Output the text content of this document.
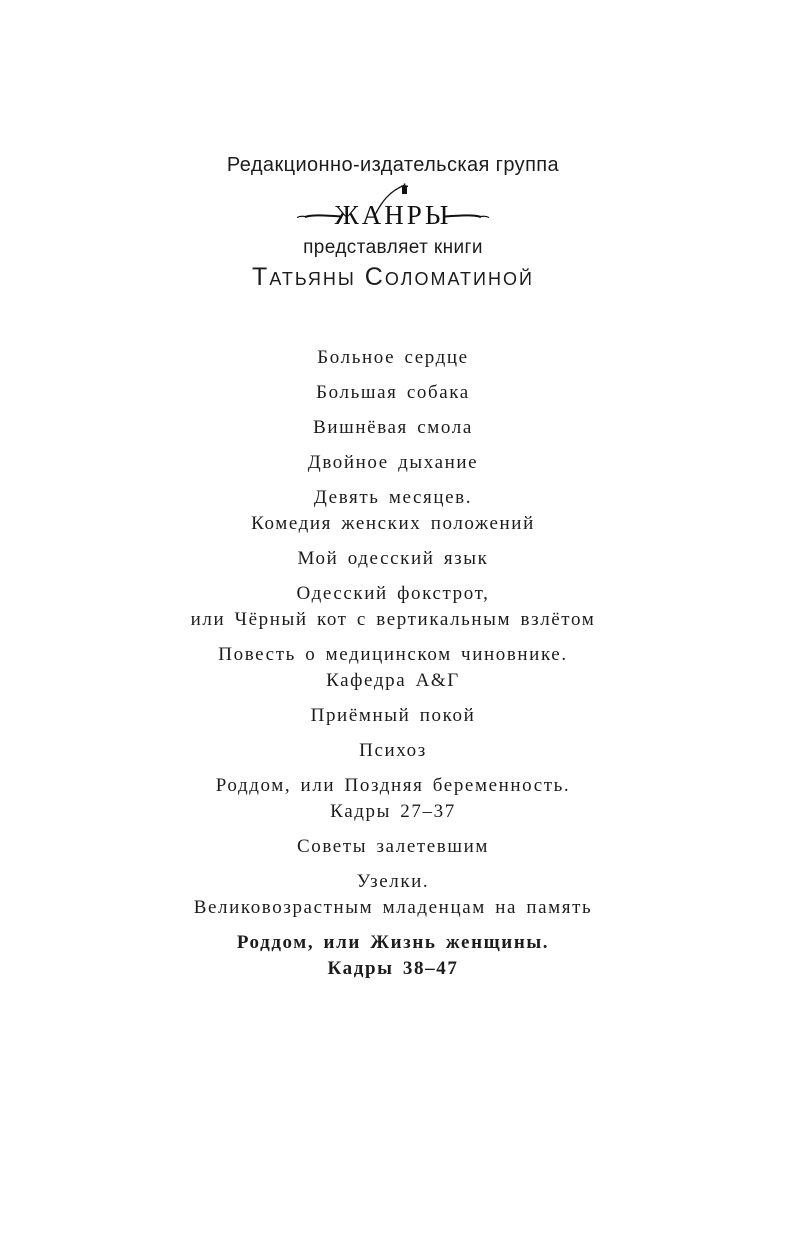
Редакционно-издательская группа
ЖАНРЫ
представляет книги
Татьяны Соломатиной
Больное сердце
Большая собака
Вишнёвая смола
Двойное дыхание
Девять месяцев.
Комедия женских положений
Мой одесский язык
Одесский фокстрот,
или Чёрный кот с вертикальным взлётом
Повесть о медицинском чиновнике.
Кафедра А&Г
Приёмный покой
Психоз
Роддом, или Поздняя беременность.
Кадры 27–37
Советы залетевшим
Узелки.
Великовозрастным младенцам на память
Роддом, или Жизнь женщины.
Кадры 38–47
